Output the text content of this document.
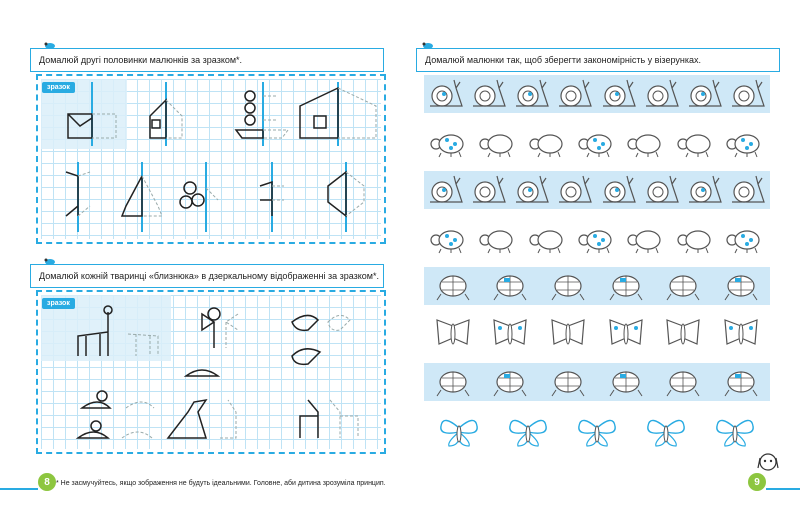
Домалюй другі половинки малюнків за зразком*.
зразок
Домалюй кожній тваринці «близнюка» в дзеркальному відображенні за зразком*.
зразок
8 * Не засмучуйтесь, якщо зображення не будуть ідеальними. Головне, аби дитина зрозуміла принцип.
Домалюй малюнки так, щоб зберегти закономірність у візерунках.
9
